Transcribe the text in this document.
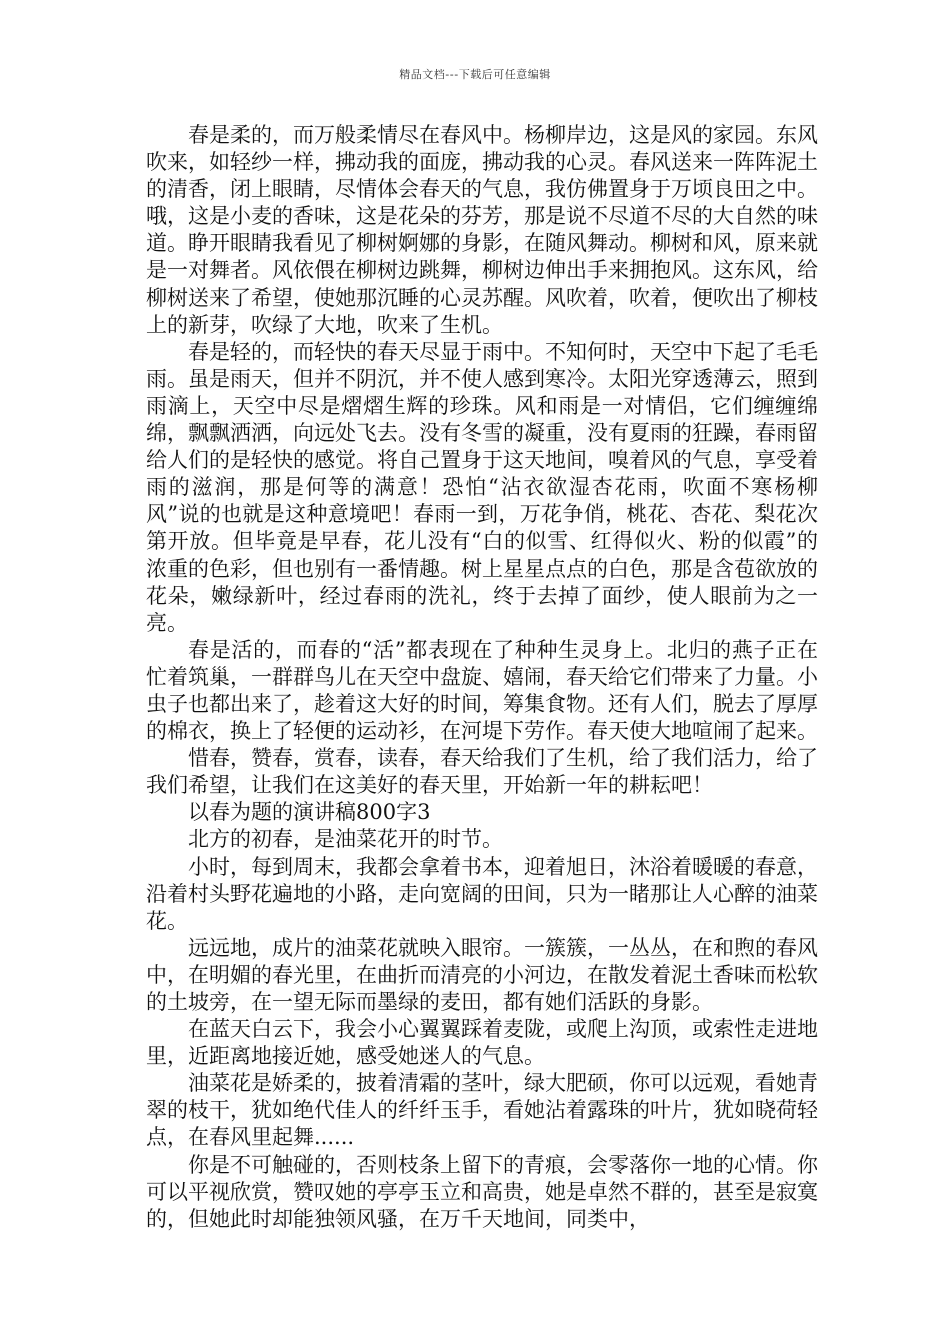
精品文档---下载后可任意编辑

春是柔的，而万般柔情尽在春风中。杨柳岸边，这是风的家园。东风吹来，如轻纱一样，拂动我的面庞，拂动我的心灵。春风送来一阵阵泥土的清香，闭上眼睛，尽情体会春天的气息，我仿佛置身于万顷良田之中。哦，这是小麦的香味，这是花朵的芬芳，那是说不尽道不尽的大自然的味道。睁开眼睛我看见了柳树婀娜的身影，在随风舞动。柳树和风，原来就是一对舞者。风依偎在柳树边跳舞，柳树边伸出手来拥抱风。这东风，给柳树送来了希望，使她那沉睡的心灵苏醒。风吹着，吹着，便吹出了柳枝上的新芽，吹绿了大地，吹来了生机。

春是轻的，而轻快的春天尽显于雨中。不知何时，天空中下起了毛毛雨。虽是雨天，但并不阴沉，并不使人感到寒冷。太阳光穿透薄云，照到雨滴上，天空中尽是熠熠生辉的珍珠。风和雨是一对情侣，它们缠缠绵绵，飘飘洒洒，向远处飞去。没有冬雪的凝重，没有夏雨的狂躁，春雨留给人们的是轻快的感觉。将自己置身于这天地间，嗅着风的气息，享受着雨的滋润，那是何等的满意！恐怕“沾衣欲湿杏花雨，吹面不寒杨柳风”说的也就是这种意境吧！春雨一到，万花争俏，桃花、杏花、梨花次第开放。但毕竟是早春，花儿没有“白的似雪、红得似火、粉的似霞”的浓重的色彩，但也别有一番情趣。树上星星点点的白色，那是含苞欲放的花朵，嫩绿新叶，经过春雨的洗礼，终于去掉了面纱，使人眼前为之一亮。

春是活的，而春的“活”都表现在了种种生灵身上。北归的燕子正在忙着筑巢，一群群鸟儿在天空中盘旋、嬉闹，春天给它们带来了力量。小虫子也都出来了，趁着这大好的时间，筹集食物。还有人们，脱去了厚厚的棉衣，换上了轻便的运动衫，在河堤下劳作。春天使大地喧闹了起来。

惜春，赞春，赏春，读春，春天给我们了生机，给了我们活力，给了我们希望，让我们在这美好的春天里，开始新一年的耕耘吧！

以春为题的演讲稿800字3

北方的初春，是油菜花开的时节。

小时，每到周末，我都会拿着书本，迎着旭日，沐浴着暖暖的春意，沿着村头野花遍地的小路，走向宽阔的田间，只为一睹那让人心醉的油菜花。

远远地，成片的油菜花就映入眼帘。一簇簇，一丛丛，在和煦的春风中，在明媚的春光里，在曲折而清亮的小河边，在散发着泥土香味而松软的土坡旁，在一望无际而墨绿的麦田，都有她们活跃的身影。

在蓝天白云下，我会小心翼翼踩着麦陇，或爬上沟顶，或索性走进地里，近距离地接近她，感受她迷人的气息。

油菜花是娇柔的，披着清霜的茎叶，绿大肥硕，你可以远观，看她青翠的枝干，犹如绝代佳人的纤纤玉手，看她沾着露珠的叶片，犹如晓荷轻点，在春风里起舞......

你是不可触碰的，否则枝条上留下的青痕，会零落你一地的心情。你可以平视欣赏，赞叹她的亭亭玉立和高贵，她是卓然不群的，甚至是寂寞的，但她此时却能独领风骚，在万千天地间，同类中，
